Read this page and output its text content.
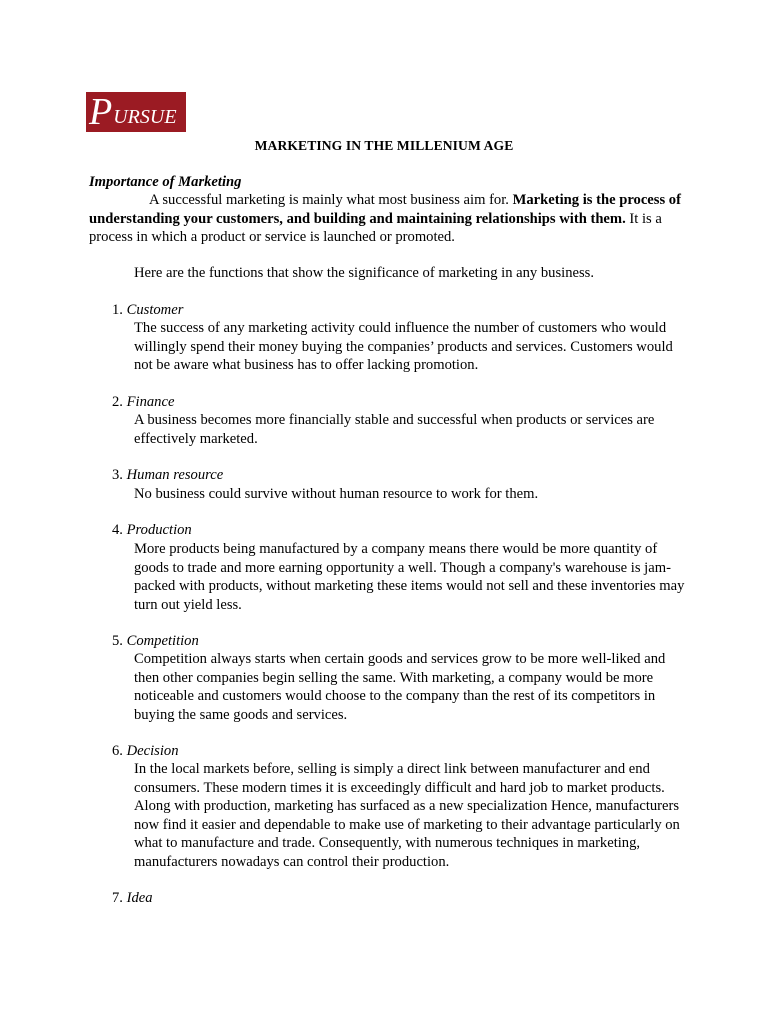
P URSUE
MARKETING IN THE MILLENIUM AGE
Importance of Marketing
A successful marketing is mainly what most business aim for. Marketing is the process of understanding your customers, and building and maintaining relationships with them. It is a process in which a product or service is launched or promoted.
Here are the functions that show the significance of marketing in any business.
1. Customer
The success of any marketing activity could influence the number of customers who would willingly spend their money buying the companies’ products and services. Customers would not be aware what business has to offer lacking promotion.
2. Finance
A business becomes more financially stable and successful when products or services are effectively marketed.
3. Human resource
No business could survive without human resource to work for them.
4. Production
More products being manufactured by a company means there would be more quantity of goods to trade and more earning opportunity a well. Though a company's warehouse is jam-packed with products, without marketing these items would not sell and these inventories may turn out yield less.
5. Competition
Competition always starts when certain goods and services grow to be more well-liked and then other companies begin selling the same. With marketing, a company would be more noticeable and customers would choose to the company than the rest of its competitors in buying the same goods and services.
6. Decision
In the local markets before, selling is simply a direct link between manufacturer and end consumers. These modern times it is exceedingly difficult and hard job to market products. Along with production, marketing has surfaced as a new specialization Hence, manufacturers now find it easier and dependable to make use of marketing to their advantage particularly on what to manufacture and trade. Consequently, with numerous techniques in marketing, manufacturers nowadays can control their production.
7. Idea
